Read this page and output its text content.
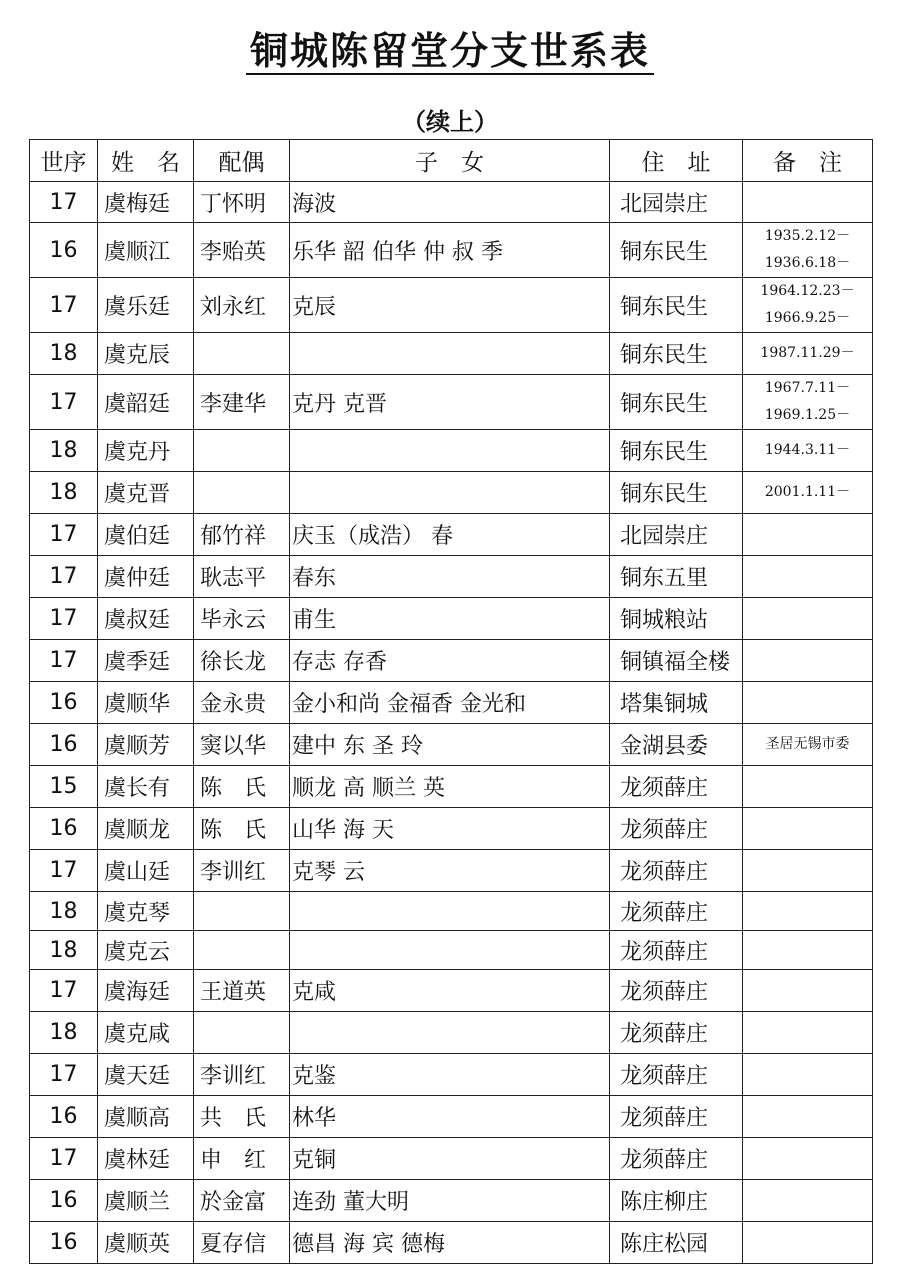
铜城陈留堂分支世系表
（续上）
世序	姓　名	配偶	子　女	住　址	备　注
17	虞梅廷	丁怀明	海波	北园崇庄	
16	虞顺江	李贻英	乐华 韶 伯华 仲 叔 季	铜东民生	1935.2.12－
1936.6.18－
17	虞乐廷	刘永红	克辰	铜东民生	1964.12.23－
1966.9.25－
18	虞克辰			铜东民生	1987.11.29－
17	虞韶廷	李建华	克丹 克晋	铜东民生	1967.7.11－
1969.1.25－
18	虞克丹			铜东民生	1944.3.11－
18	虞克晋			铜东民生	2001.1.11－
17	虞伯廷	郁竹祥	庆玉（成浩） 春	北园崇庄	
17	虞仲廷	耿志平	春东	铜东五里	
17	虞叔廷	毕永云	甫生	铜城粮站	
17	虞季廷	徐长龙	存志 存香	铜镇福全楼	
16	虞顺华	金永贵	金小和尚 金福香 金光和	塔集铜城	
16	虞顺芳	窦以华	建中 东 圣 玲	金湖县委	圣居无锡市委
15	虞长有	陈　氏	顺龙 高 顺兰 英	龙须薛庄	
16	虞顺龙	陈　氏	山华 海 天	龙须薛庄	
17	虞山廷	李训红	克琴 云	龙须薛庄	
18	虞克琴			龙须薛庄	
18	虞克云			龙须薛庄	
17	虞海廷	王道英	克咸	龙须薛庄	
18	虞克咸			龙须薛庄	
17	虞天廷	李训红	克鉴	龙须薛庄	
16	虞顺高	共　氏	林华	龙须薛庄	
17	虞林廷	申　红	克铜	龙须薛庄	
16	虞顺兰	於金富	连劲 董大明	陈庄柳庄	
16	虞顺英	夏存信	德昌 海 宾 德梅	陈庄松园	
